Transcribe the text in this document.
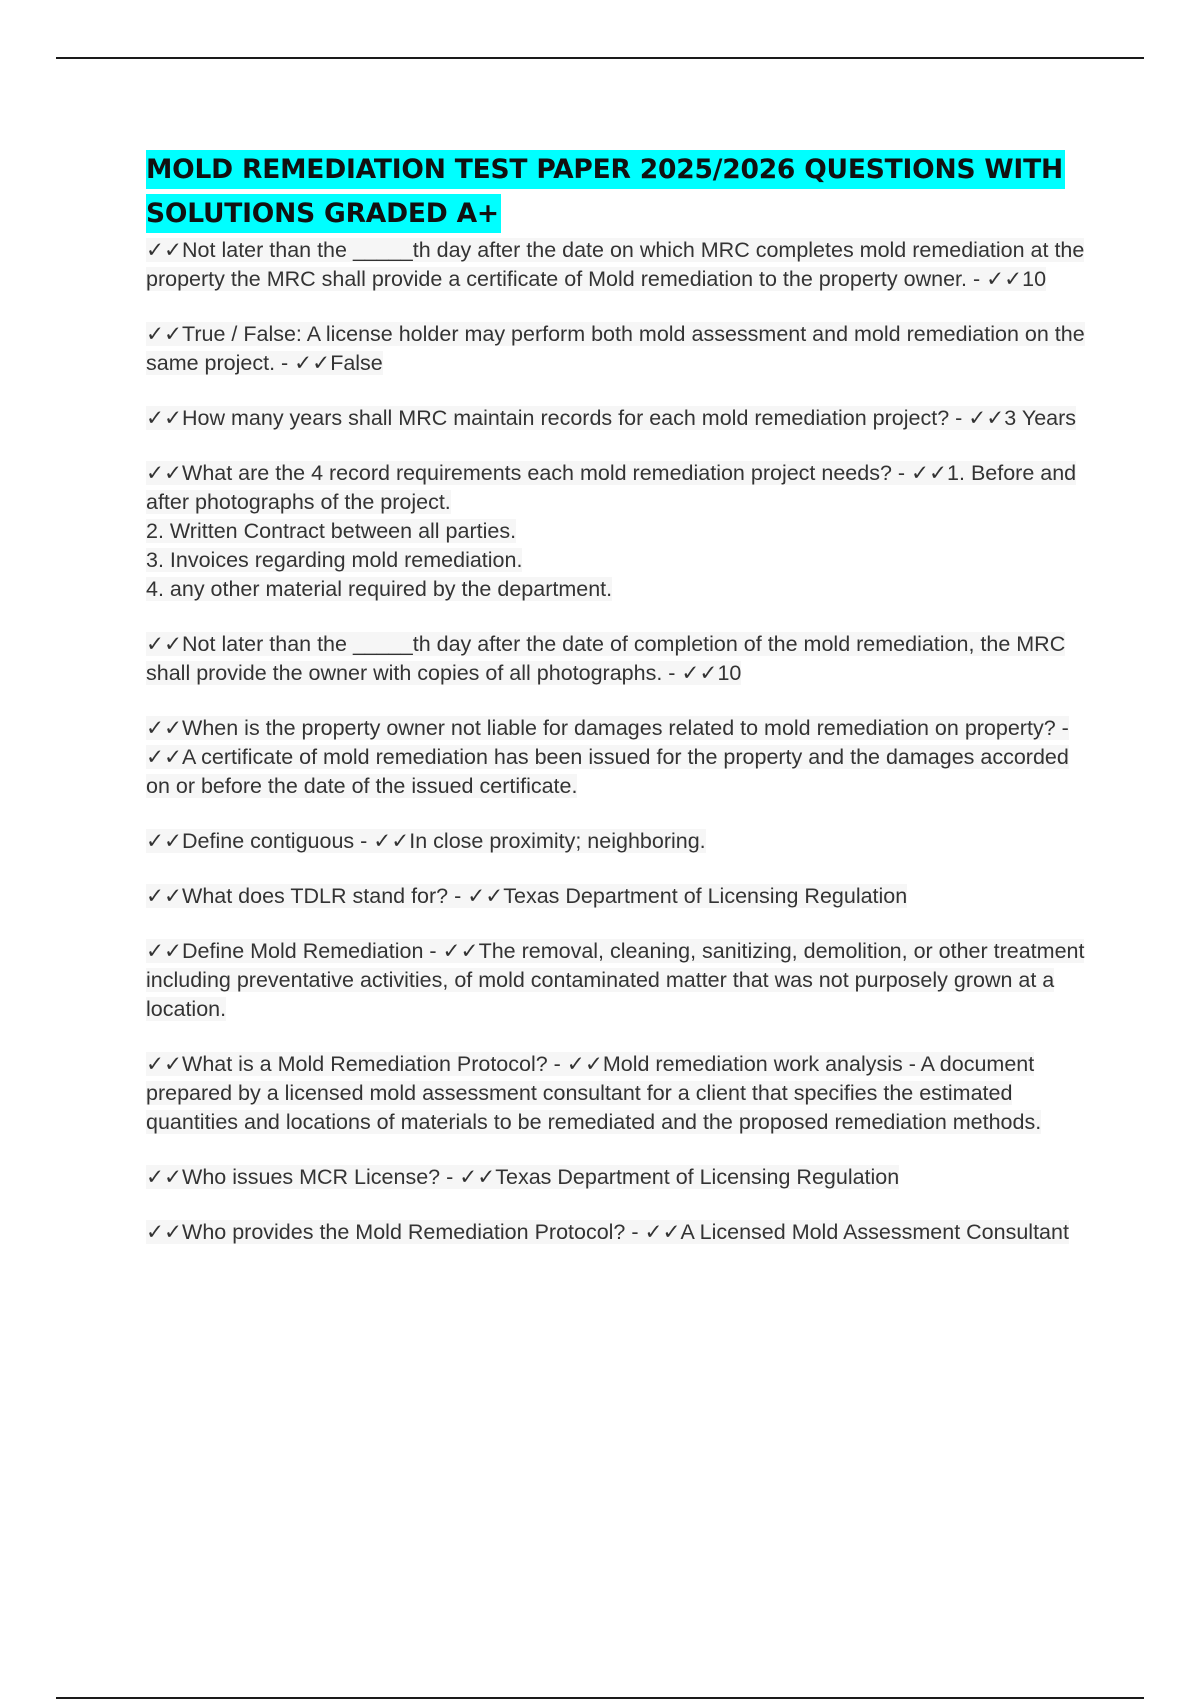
MOLD REMEDIATION TEST PAPER 2025/2026 QUESTIONS WITH SOLUTIONS GRADED A+
✓✓Not later than the _____th day after the date on which MRC completes mold remediation at the property the MRC shall provide a certificate of Mold remediation to the property owner. - ✓✓10
✓✓True / False: A license holder may perform both mold assessment and mold remediation on the same project. - ✓✓False
✓✓How many years shall MRC maintain records for each mold remediation project? - ✓✓3 Years
✓✓What are the 4 record requirements each mold remediation project needs? - ✓✓1. Before and after photographs of the project.
2. Written Contract between all parties.
3. Invoices regarding mold remediation.
4. any other material required by the department.
✓✓Not later than the _____th day after the date of completion of the mold remediation, the MRC shall provide the owner with copies of all photographs. - ✓✓10
✓✓When is the property owner not liable for damages related to mold remediation on property? - ✓✓A certificate of mold remediation has been issued for the property and the damages accorded on or before the date of the issued certificate.
✓✓Define contiguous - ✓✓In close proximity; neighboring.
✓✓What does TDLR stand for? - ✓✓Texas Department of Licensing Regulation
✓✓Define Mold Remediation - ✓✓The removal, cleaning, sanitizing, demolition, or other treatment including preventative activities, of mold contaminated matter that was not purposely grown at a location.
✓✓What is a Mold Remediation Protocol? - ✓✓Mold remediation work analysis - A document prepared by a licensed mold assessment consultant for a client that specifies the estimated quantities and locations of materials to be remediated and the proposed remediation methods.
✓✓Who issues MCR License? - ✓✓Texas Department of Licensing Regulation
✓✓Who provides the Mold Remediation Protocol? - ✓✓A Licensed Mold Assessment Consultant
